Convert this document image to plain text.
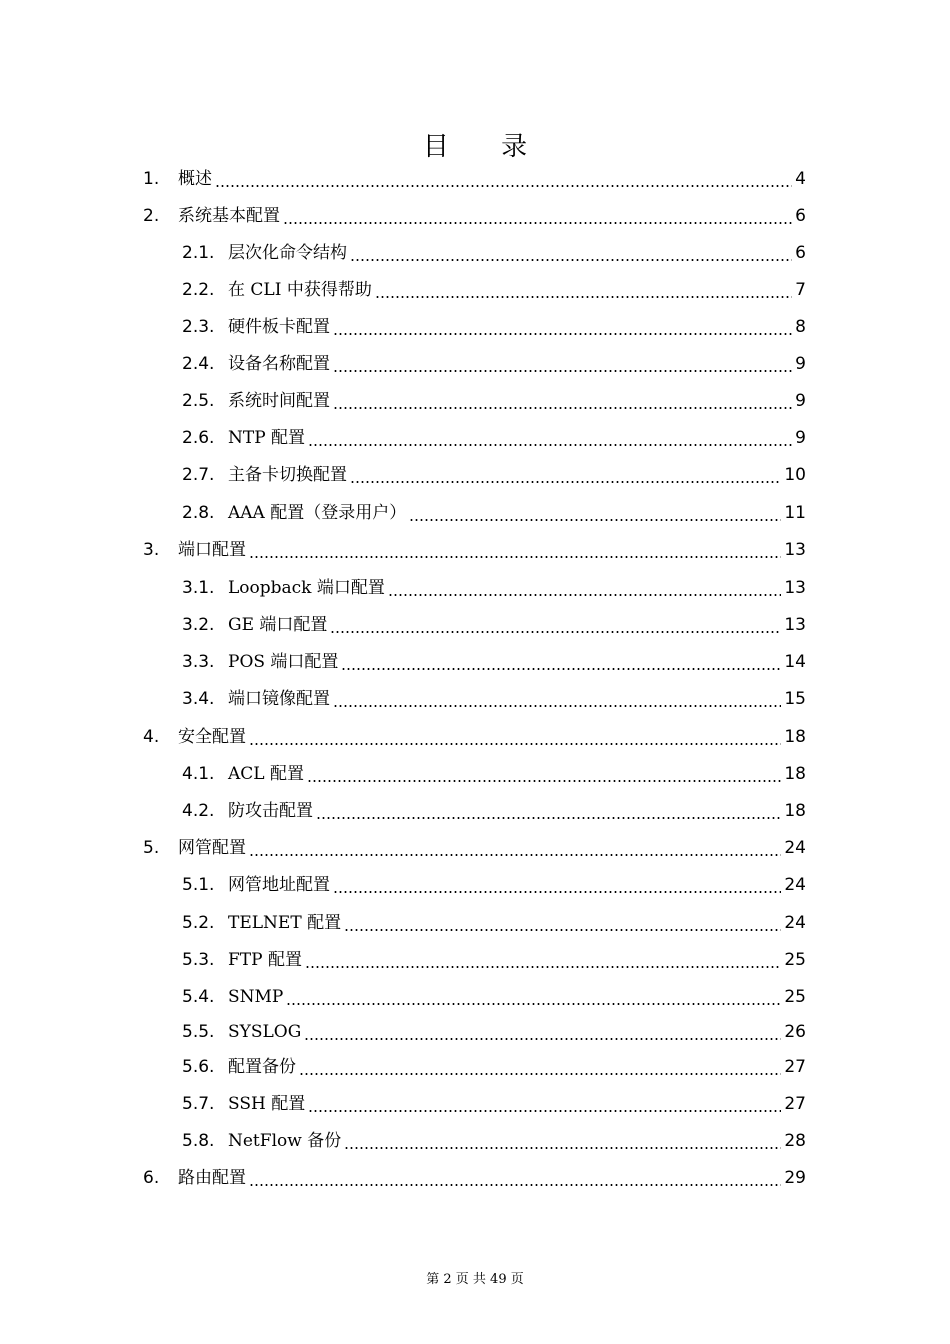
目 录
1. 概述	4
2. 系统基本配置	6
2.1. 层次化命令结构	6
2.2. 在 CLI 中获得帮助	7
2.3. 硬件板卡配置	8
2.4. 设备名称配置	9
2.5. 系统时间配置	9
2.6. NTP 配置	9
2.7. 主备卡切换配置	10
2.8. AAA 配置（登录用户）	11
3. 端口配置	13
3.1. Loopback 端口配置	13
3.2. GE 端口配置	13
3.3. POS 端口配置	14
3.4. 端口镜像配置	15
4. 安全配置	18
4.1. ACL 配置	18
4.2. 防攻击配置	18
5. 网管配置	24
5.1. 网管地址配置	24
5.2. TELNET 配置	24
5.3. FTP 配置	25
5.4. SNMP	25
5.5. SYSLOG	26
5.6. 配置备份	27
5.7. SSH 配置	27
5.8. NetFlow 备份	28
6. 路由配置	29
第 2 页 共 49 页
